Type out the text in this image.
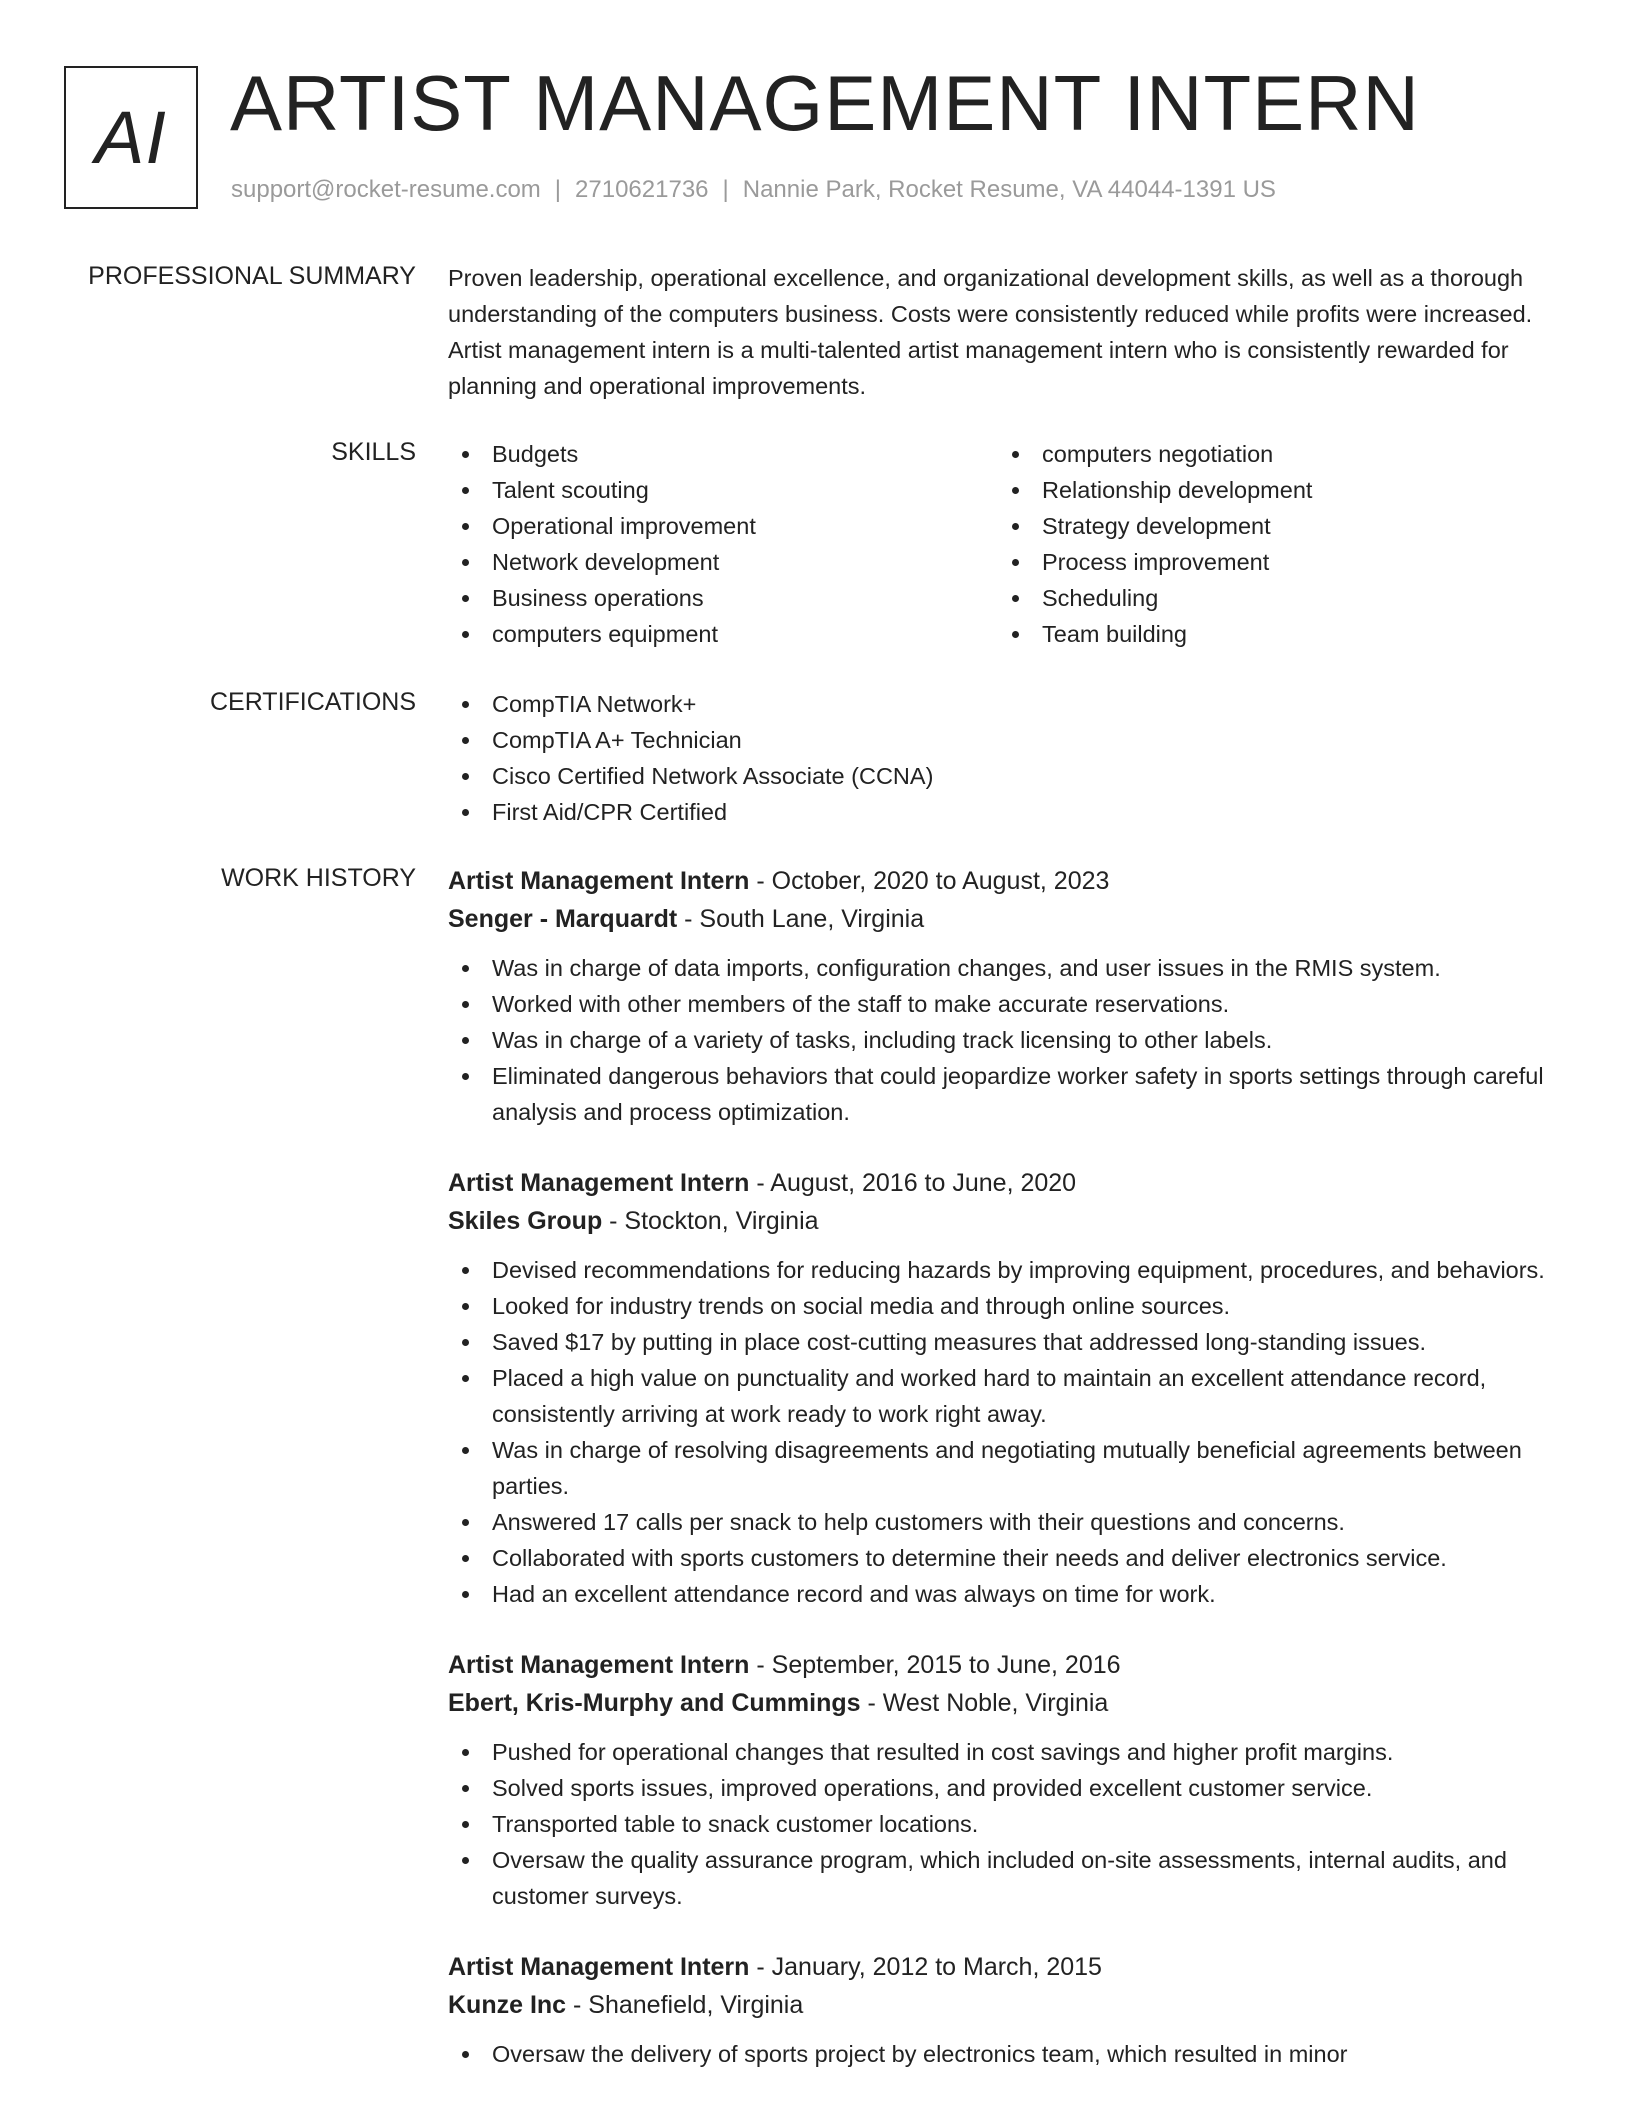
AI ARTIST MANAGEMENT INTERN
support@rocket-resume.com | 2710621736 | Nannie Park, Rocket Resume, VA 44044-1391 US
PROFESSIONAL SUMMARY Proven leadership, operational excellence, and organizational development skills, as well as a thorough understanding of the computers business. Costs were consistently reduced while profits were increased. Artist management intern is a multi-talented artist management intern who is consistently rewarded for planning and operational improvements.
SKILLS	Budgets
Talent scouting
Operational improvement
Network development
Business operations
computers equipment
computers negotiation
Relationship development
Strategy development
Process improvement
Scheduling
Team building
CERTIFICATIONS	CompTIA Network+
CompTIA A+ Technician
Cisco Certified Network Associate (CCNA)
First Aid/CPR Certified
WORK HISTORY Artist Management Intern - October, 2020 to August, 2023
Senger - Marquardt - South Lane, Virginia
Was in charge of data imports, configuration changes, and user issues in the RMIS system.
Worked with other members of the staff to make accurate reservations.
Was in charge of a variety of tasks, including track licensing to other labels.
Eliminated dangerous behaviors that could jeopardize worker safety in sports settings through careful analysis and process optimization.
Artist Management Intern - August, 2016 to June, 2020
Skiles Group - Stockton, Virginia
Devised recommendations for reducing hazards by improving equipment, procedures, and behaviors.
Looked for industry trends on social media and through online sources.
Saved $17 by putting in place cost-cutting measures that addressed long-standing issues.
Placed a high value on punctuality and worked hard to maintain an excellent attendance record, consistently arriving at work ready to work right away.
Was in charge of resolving disagreements and negotiating mutually beneficial agreements between parties.
Answered 17 calls per snack to help customers with their questions and concerns.
Collaborated with sports customers to determine their needs and deliver electronics service.
Had an excellent attendance record and was always on time for work.
Artist Management Intern - September, 2015 to June, 2016
Ebert, Kris-Murphy and Cummings - West Noble, Virginia
Pushed for operational changes that resulted in cost savings and higher profit margins.
Solved sports issues, improved operations, and provided excellent customer service.
Transported table to snack customer locations.
Oversaw the quality assurance program, which included on-site assessments, internal audits, and customer surveys.
Artist Management Intern - January, 2012 to March, 2015
Kunze Inc - Shanefield, Virginia
Oversaw the delivery of sports project by electronics team, which resulted in minor
